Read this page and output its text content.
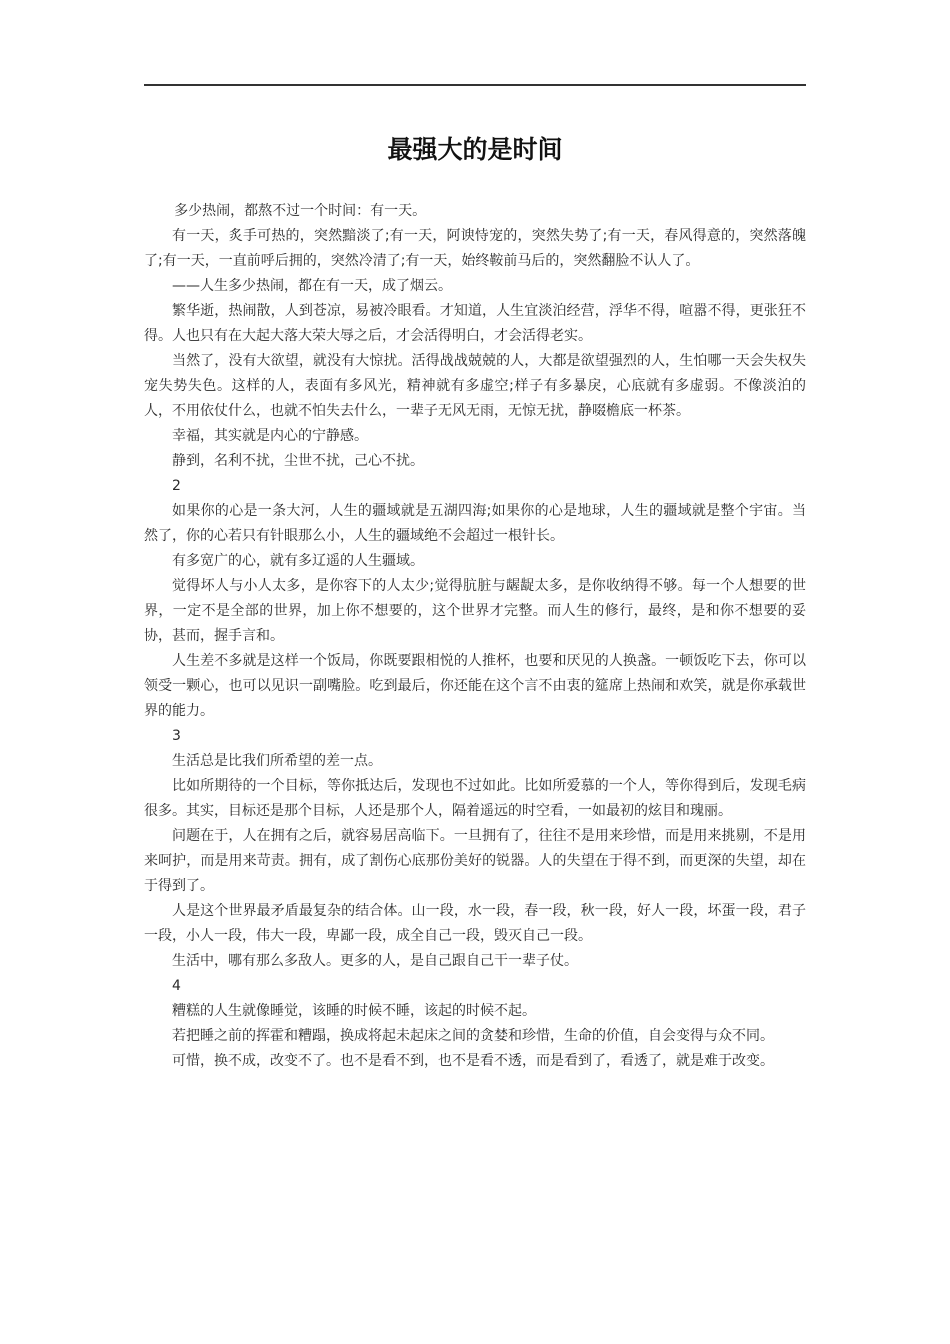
最强大的是时间

多少热闹，都熬不过一个时间：有一天。

有一天，炙手可热的，突然黯淡了;有一天，阿谀恃宠的，突然失势了;有一天，春风得意的，突然落魄了;有一天，一直前呼后拥的，突然冷清了;有一天，始终鞍前马后的，突然翻脸不认人了。

——人生多少热闹，都在有一天，成了烟云。

繁华逝，热闹散，人到苍凉，易被冷眼看。才知道，人生宜淡泊经营，浮华不得，喧嚣不得，更张狂不得。人也只有在大起大落大荣大辱之后，才会活得明白，才会活得老实。

当然了，没有大欲望，就没有大惊扰。活得战战兢兢的人，大都是欲望强烈的人，生怕哪一天会失权失宠失势失色。这样的人，表面有多风光，精神就有多虚空;样子有多暴戾，心底就有多虚弱。不像淡泊的人，不用依仗什么，也就不怕失去什么，一辈子无风无雨，无惊无扰，静啜檐底一杯茶。

幸福，其实就是内心的宁静感。

静到，名利不扰，尘世不扰，己心不扰。

2

如果你的心是一条大河，人生的疆域就是五湖四海;如果你的心是地球，人生的疆域就是整个宇宙。当然了，你的心若只有针眼那么小，人生的疆域绝不会超过一根针长。

有多宽广的心，就有多辽遥的人生疆域。

觉得坏人与小人太多，是你容下的人太少;觉得肮脏与龌龊太多，是你收纳得不够。每一个人想要的世界，一定不是全部的世界，加上你不想要的，这个世界才完整。而人生的修行，最终，是和你不想要的妥协，甚而，握手言和。

人生差不多就是这样一个饭局，你既要跟相悦的人推杯，也要和厌见的人换盏。一顿饭吃下去，你可以领受一颗心，也可以见识一副嘴脸。吃到最后，你还能在这个言不由衷的筵席上热闹和欢笑，就是你承载世界的能力。

3

生活总是比我们所希望的差一点。

比如所期待的一个目标，等你抵达后，发现也不过如此。比如所爱慕的一个人，等你得到后，发现毛病很多。其实，目标还是那个目标，人还是那个人，隔着遥远的时空看，一如最初的炫目和瑰丽。

问题在于，人在拥有之后，就容易居高临下。一旦拥有了，往往不是用来珍惜，而是用来挑剔，不是用来呵护，而是用来苛责。拥有，成了割伤心底那份美好的锐器。人的失望在于得不到，而更深的失望，却在于得到了。

人是这个世界最矛盾最复杂的结合体。山一段，水一段，春一段，秋一段，好人一段，坏蛋一段，君子一段，小人一段，伟大一段，卑鄙一段，成全自己一段，毁灭自己一段。

生活中，哪有那么多敌人。更多的人，是自己跟自己干一辈子仗。

4

糟糕的人生就像睡觉，该睡的时候不睡，该起的时候不起。

若把睡之前的挥霍和糟蹋，换成将起未起床之间的贪婪和珍惜，生命的价值，自会变得与众不同。

可惜，换不成，改变不了。也不是看不到，也不是看不透，而是看到了，看透了，就是难于改变。
